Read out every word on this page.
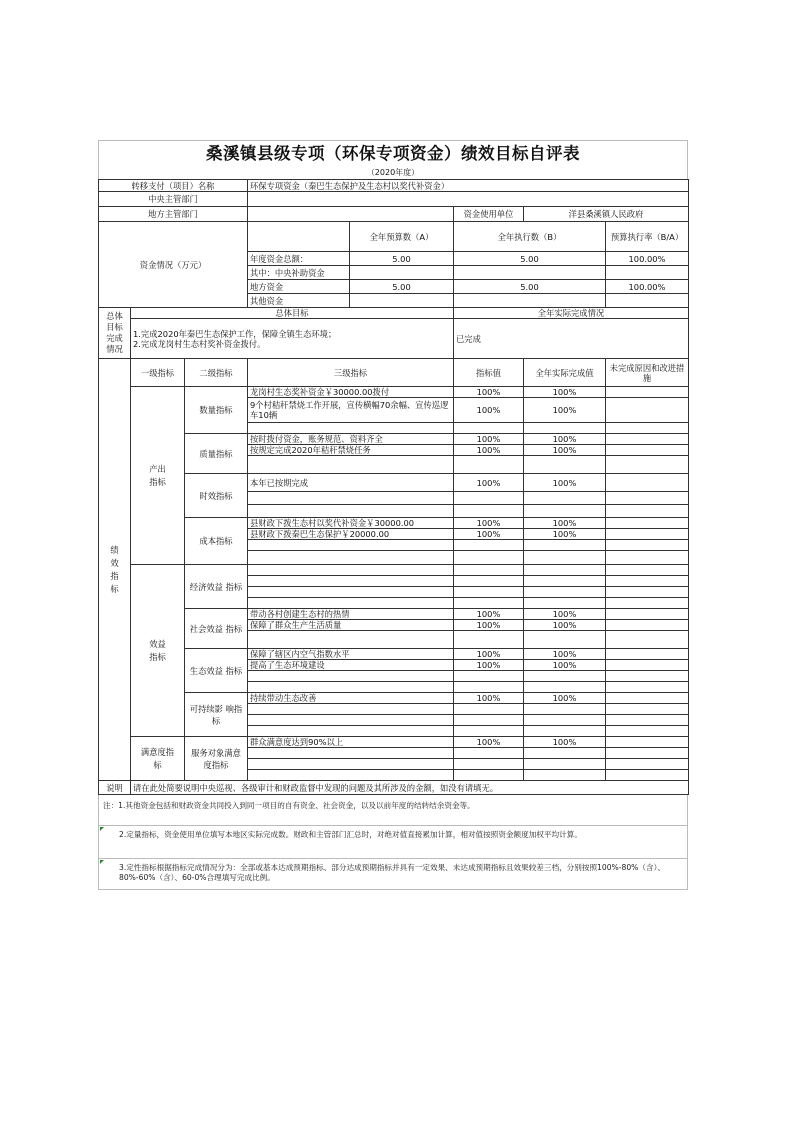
桑溪镇县级专项（环保专项资金）绩效目标自评表
（2020年度）
转移支付（项目）名称			环保专项资金（秦巴生态保护及生态村以奖代补资金）				
中央主管部门							
地方主管部门					资金使用单位	洋县桑溪镇人民政府	
资金情况（万元）				全年预算数（A）	全年执行数（B）		预算执行率（B/A）
			年度资金总额：	5.00	5.00		100.00%
			其中：中央补助资金				
			地方资金	5.00	5.00		100.00%
			其他资金				

总体目标完成情况	总体目标				全年实际完成情况		

	1.完成2020年秦巴生态保护工作，保障全镇生态环境；
2.完成龙岗村生态村奖补资金拨付。				已完成		

绩效指标	一级指标	二级指标	三级指标		指标值	全年实际完成值	未完成原因和改进措施

	产出指标	数量指标	龙岗村生态奖补资金￥30000.00拨付		100%	100%	
			9个村秸秆禁烧工作开展，宣传横幅70余幅、宣传巡逻车10辆		100%	100%	

		质量指标	按时拨付资金，账务规范、资料齐全		100%	100%	
			按规定完成2020年秸秆禁烧任务		100%	100%	

		时效指标	本年已按期完成		100%	100%	

		成本指标	县财政下拨生态村以奖代补资金￥30000.00		100%	100%	
			县财政下拨秦巴生态保护￥20000.00		100%	100%	

	效益指标	经济效益 指标					

		社会效益 指标	带动各村创建生态村的热情		100%	100%	
			保障了群众生产生活质量		100%	100%	

		生态效益 指标	保障了辖区内空气指数水平		100%	100%	
			提高了生态环境建设		100%	100%	

		可持续影 响指标	持续带动生态改善		100%	100%	

	满意度指标	服务对象满意度指标	群众满意度达到90%以上		100%	100%	

说明	请在此处简要说明中央巡视、各级审计和财政监督中发现的问题及其所涉及的金额，如没有请填无。						
注：1.其他资金包括和财政资金共同投入到同一项目的自有资金、社会资金，以及以前年度的结转结余资金等。
2.定量指标，资金使用单位填写本地区实际完成数。财政和主管部门汇总时，对绝对值直接累加计算，相对值按照资金额度加权平均计算。
3.定性指标根据指标完成情况分为：全部或基本达成预期指标、部分达成预期指标并具有一定效果、未达成预期指标且效果较差三档，分别按照100%-80%（含）、80%-60%（含）、60-0%合理填写完成比例。
